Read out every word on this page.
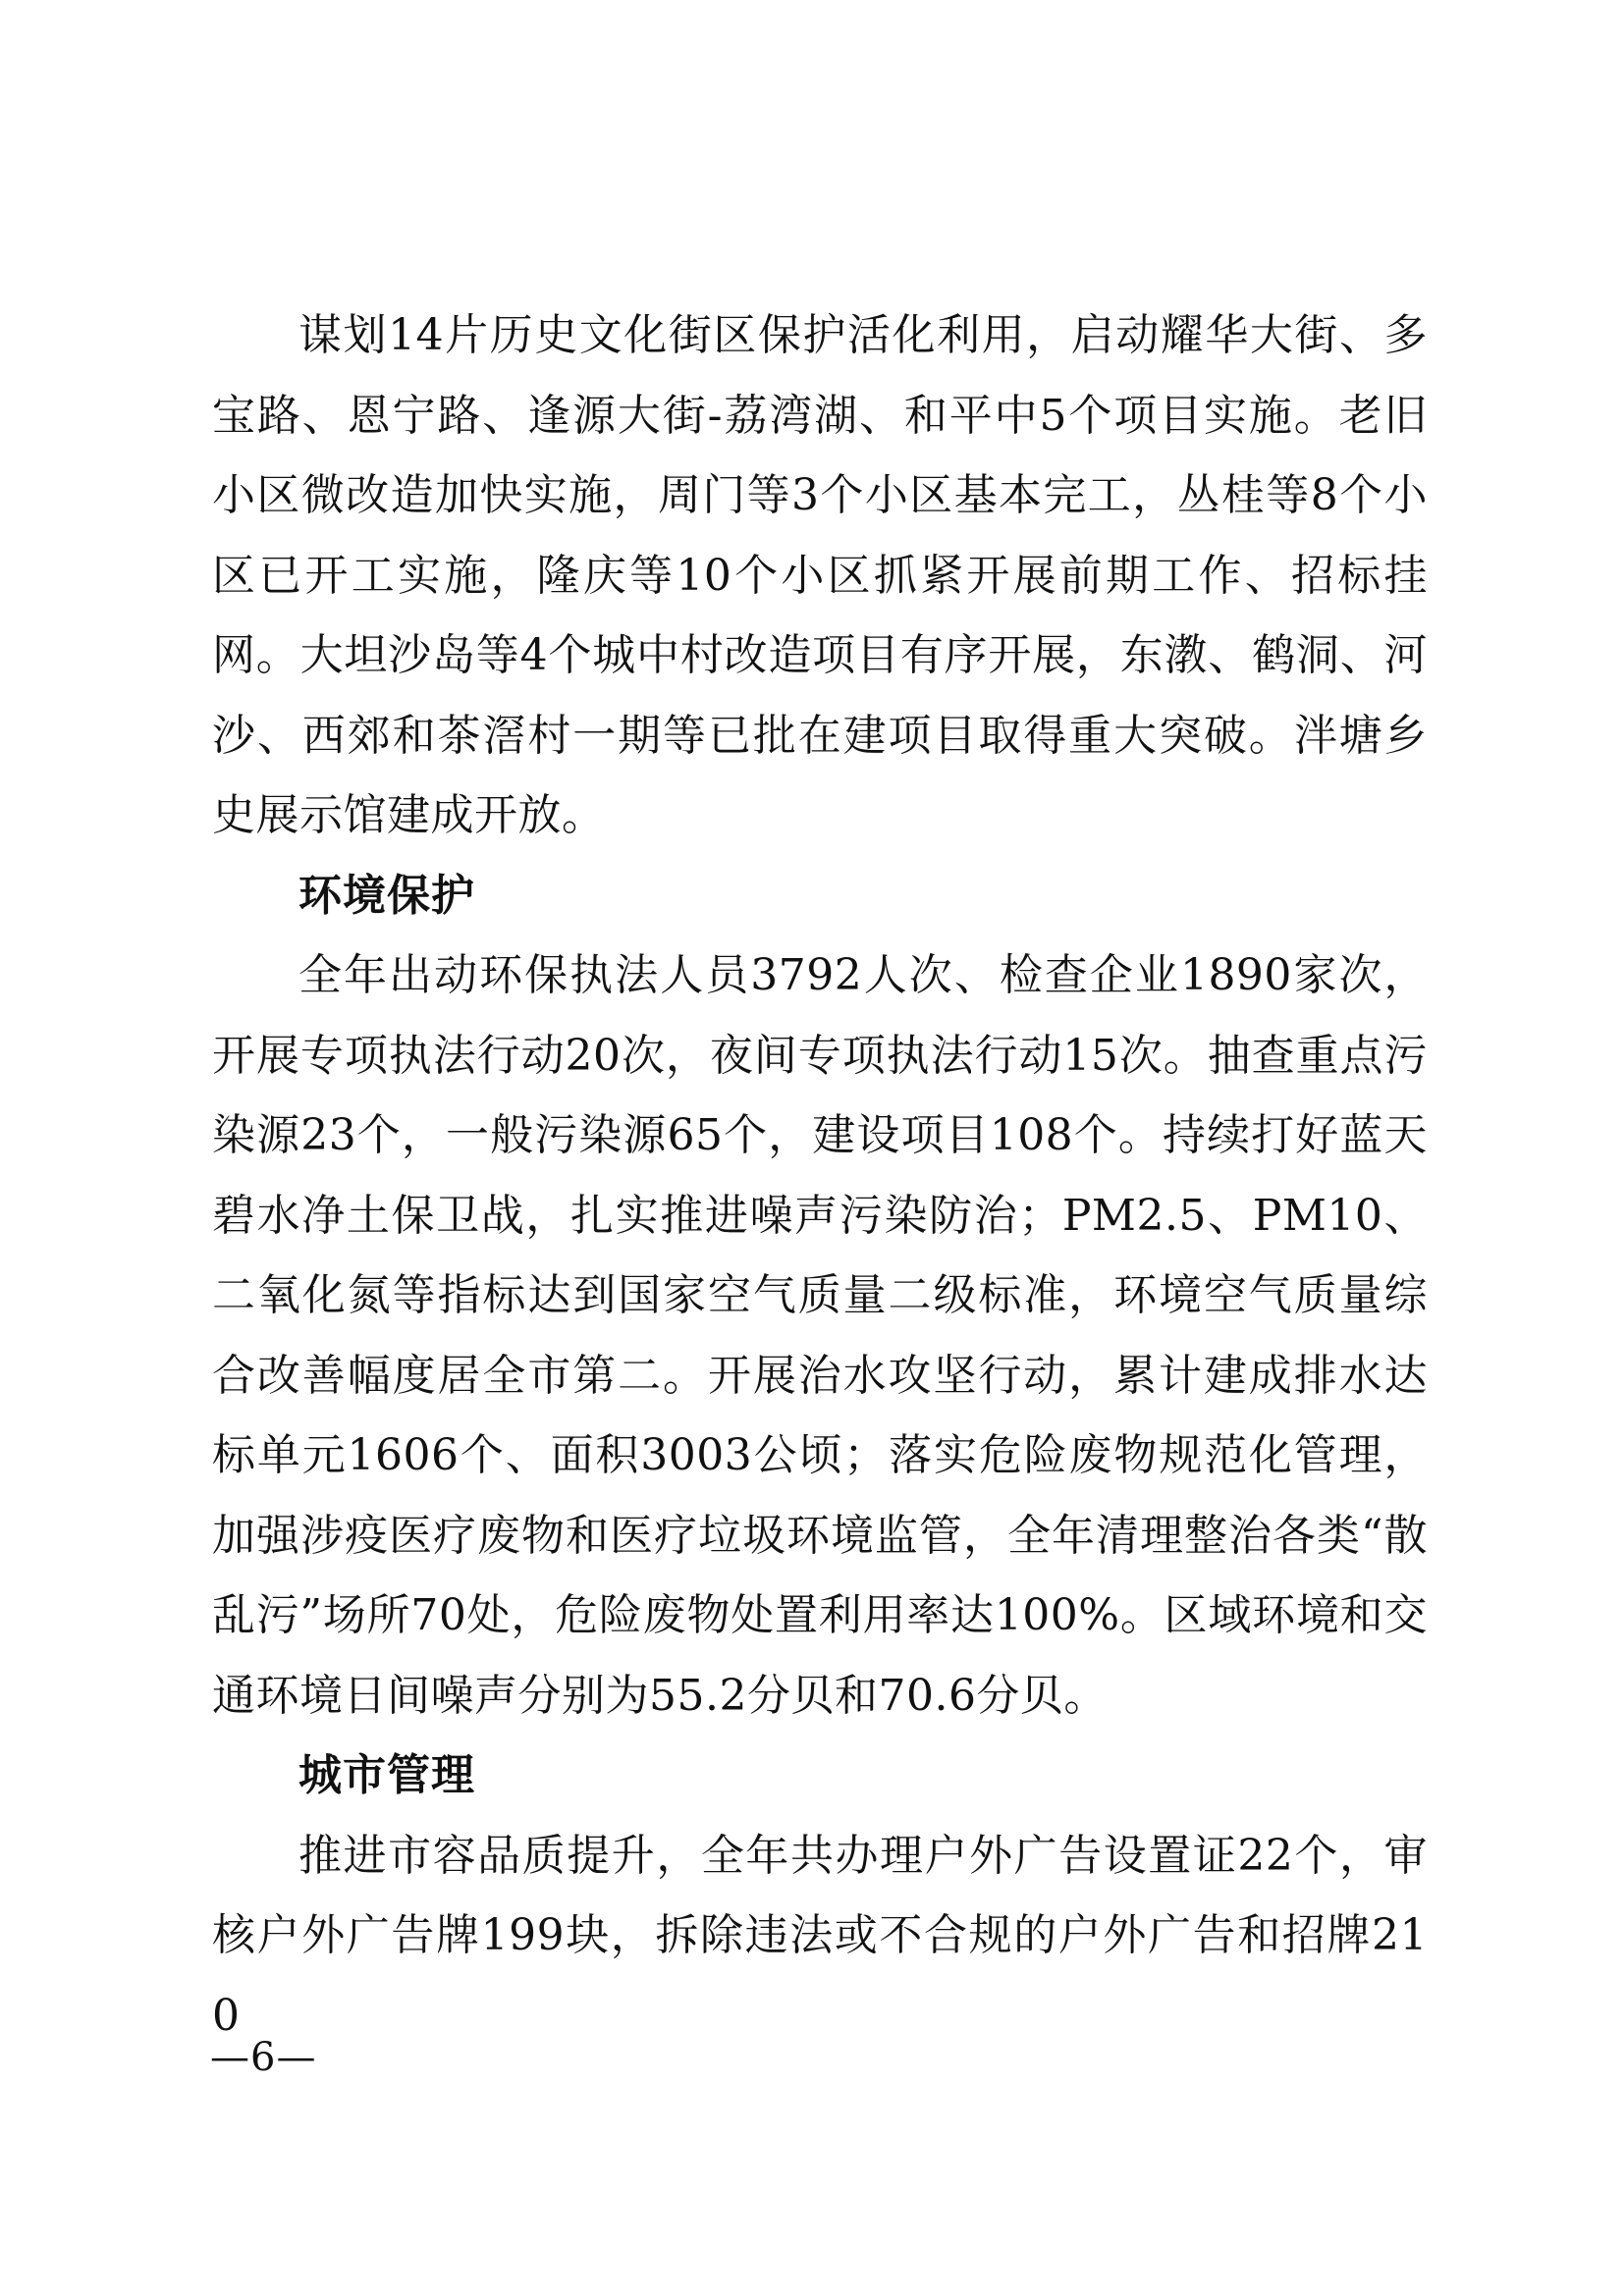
谋划14片历史文化街区保护活化利用，启动耀华大街、多宝路、恩宁路、逢源大街-荔湾湖、和平中5个项目实施。老旧小区微改造加快实施，周门等3个小区基本完工，丛桂等8个小区已开工实施，隆庆等10个小区抓紧开展前期工作、招标挂网。大坦沙岛等4个城中村改造项目有序开展，东漖、鹤洞、河沙、西郊和茶滘村一期等已批在建项目取得重大突破。泮塘乡史展示馆建成开放。

环境保护

全年出动环保执法人员3792人次、检查企业1890家次，开展专项执法行动20次，夜间专项执法行动15次。抽查重点污染源23个，一般污染源65个，建设项目108个。持续打好蓝天碧水净土保卫战，扎实推进噪声污染防治；PM2.5、PM10、二氧化氮等指标达到国家空气质量二级标准，环境空气质量综合改善幅度居全市第二。开展治水攻坚行动，累计建成排水达标单元1606个、面积3003公顷；落实危险废物规范化管理，加强涉疫医疗废物和医疗垃圾环境监管，全年清理整治各类“散乱污”场所70处，危险废物处置利用率达100%。区域环境和交通环境日间噪声分别为55.2分贝和70.6分贝。

城市管理

推进市容品质提升，全年共办理户外广告设置证22个，审核户外广告牌199块，拆除违法或不合规的户外广告和招牌210

—6—
